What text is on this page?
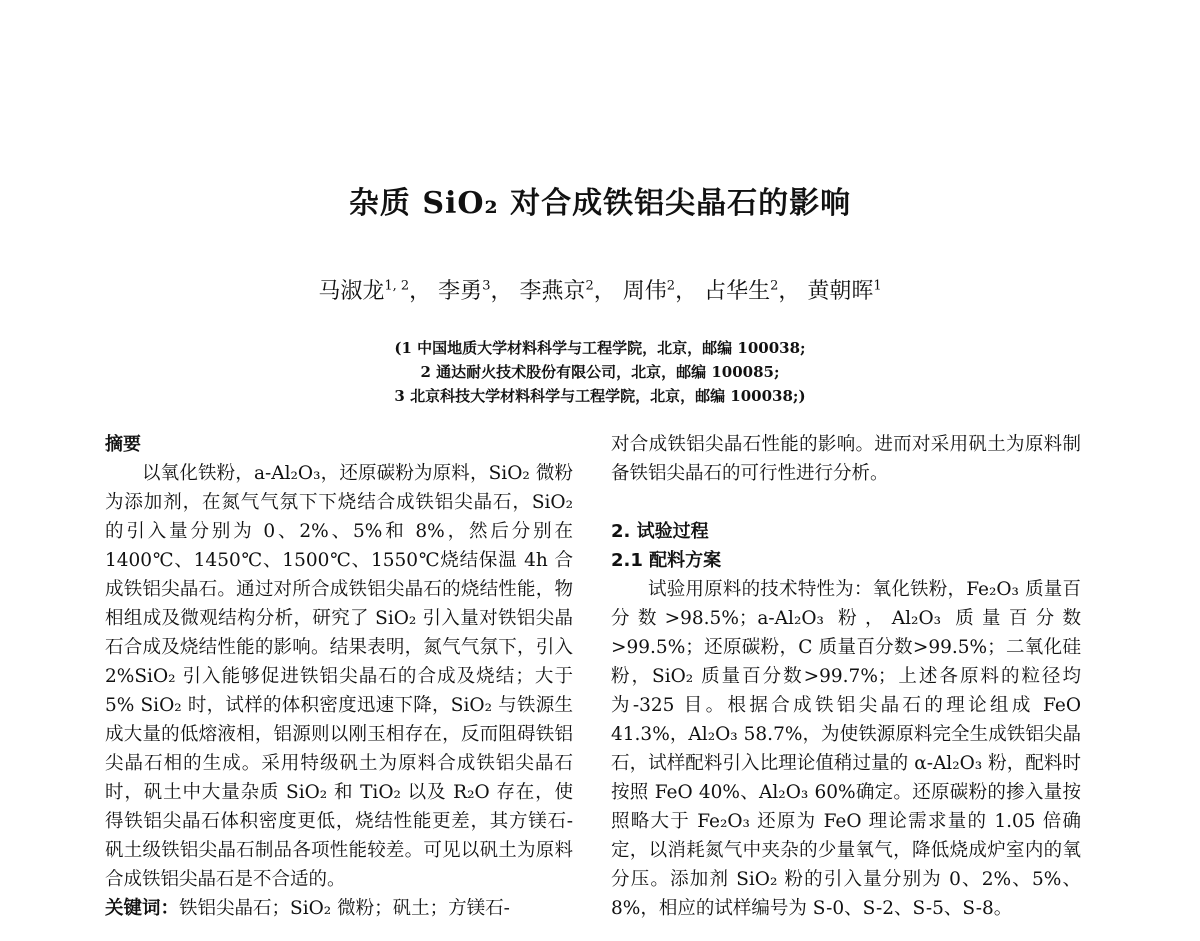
杂质 SiO₂ 对合成铁铝尖晶石的影响
马淑龙$^{1, 2}$， 李勇$^3$， 李燕京$^2$， 周伟$^2$， 占华生$^2$， 黄朝晖$^1$
(1 中国地质大学材料科学与工程学院，北京，邮编 100038;
2 通达耐火技术股份有限公司，北京，邮编 100085;
3 北京科技大学材料科学与工程学院，北京，邮编 100038;)

摘要

以氧化铁粉，a-Al₂O₃，还原碳粉为原料，SiO₂ 微粉为添加剂，在氮气气氛下下烧结合成铁铝尖晶石，SiO₂ 的引入量分别为 0、2%、5%和 8%，然后分别在 1400℃、1450℃、1500℃、1550℃烧结保温 4h 合成铁铝尖晶石。通过对所合成铁铝尖晶石的烧结性能，物相组成及微观结构分析，研究了 SiO₂ 引入量对铁铝尖晶石合成及烧结性能的影响。结果表明，氮气气氛下，引入 2%SiO₂ 引入能够促进铁铝尖晶石的合成及烧结；大于 5% SiO₂ 时，试样的体积密度迅速下降，SiO₂ 与铁源生成大量的低熔液相，铝源则以刚玉相存在，反而阻碍铁铝尖晶石相的生成。采用特级矾土为原料合成铁铝尖晶石时，矾土中大量杂质 SiO₂ 和 TiO₂ 以及 R₂O 存在，使得铁铝尖晶石体积密度更低，烧结性能更差，其方镁石-矾土级铁铝尖晶石制品各项性能较差。可见以矾土为原料合成铁铝尖晶石是不合适的。

关键词：铁铝尖晶石；SiO₂ 微粉；矾土；方镁石-

对合成铁铝尖晶石性能的影响。进而对采用矾土为原料制备铁铝尖晶石的可行性进行分析。

2. 试验过程

2.1 配料方案

试验用原料的技术特性为：氧化铁粉，Fe₂O₃ 质量百分数>98.5%；a-Al₂O₃ 粉，Al₂O₃ 质量百分数>99.5%；还原碳粉，C 质量百分数>99.5%；二氧化硅粉，SiO₂ 质量百分数>99.7%；上述各原料的粒径均为-325 目。根据合成铁铝尖晶石的理论组成 FeO 41.3%，Al₂O₃ 58.7%，为使铁源原料完全生成铁铝尖晶石，试样配料引入比理论值稍过量的 α-Al₂O₃ 粉，配料时按照 FeO 40%、Al₂O₃ 60%确定。还原碳粉的掺入量按照略大于 Fe₂O₃ 还原为 FeO 理论需求量的 1.05 倍确定，以消耗氮气中夹杂的少量氧气，降低烧成炉室内的氧分压。添加剂 SiO₂ 粉的引入量分别为 0、2%、5%、8%，相应的试样编号为 S-0、S-2、S-5、S-8。
